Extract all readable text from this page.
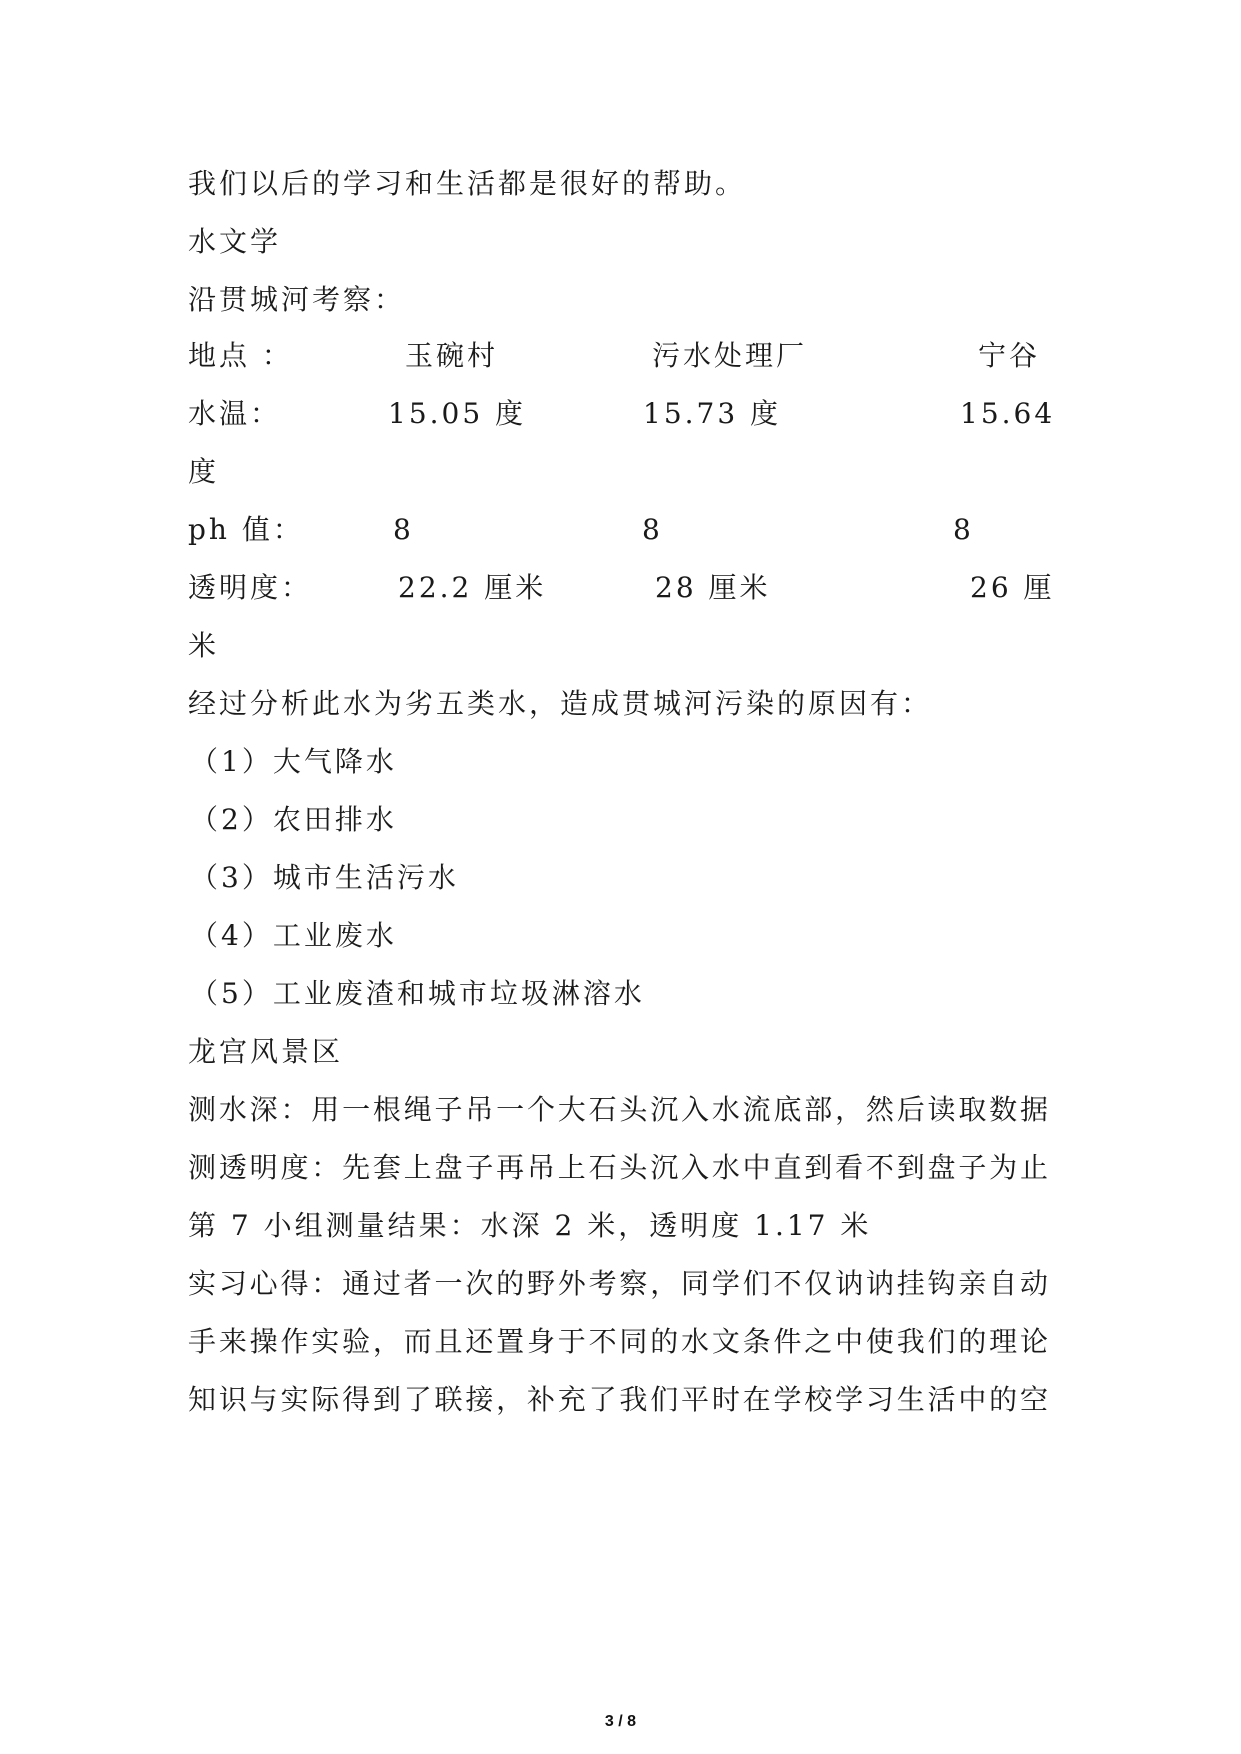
我们以后的学习和生活都是很好的帮助。
水文学
沿贯城河考察：
地点 ：	玉碗村	污水处理厂	宁谷
水温：	15.05 度	15.73 度	15.64
度
ph 值：	8	8	8
透明度：	22.2 厘米	28 厘米	26 厘
米
经过分析此水为劣五类水，造成贯城河污染的原因有：
（1）大气降水
（2）农田排水
（3）城市生活污水
（4）工业废水
（5）工业废渣和城市垃圾淋溶水
龙宫风景区
测水深：用一根绳子吊一个大石头沉入水流底部，然后读取数据
测透明度：先套上盘子再吊上石头沉入水中直到看不到盘子为止
第 7 小组测量结果：水深 2 米，透明度 1.17 米
实习心得：通过者一次的野外考察，同学们不仅讷讷挂钩亲自动
手来操作实验，而且还置身于不同的水文条件之中使我们的理论
知识与实际得到了联接，补充了我们平时在学校学习生活中的空
3 / 8
